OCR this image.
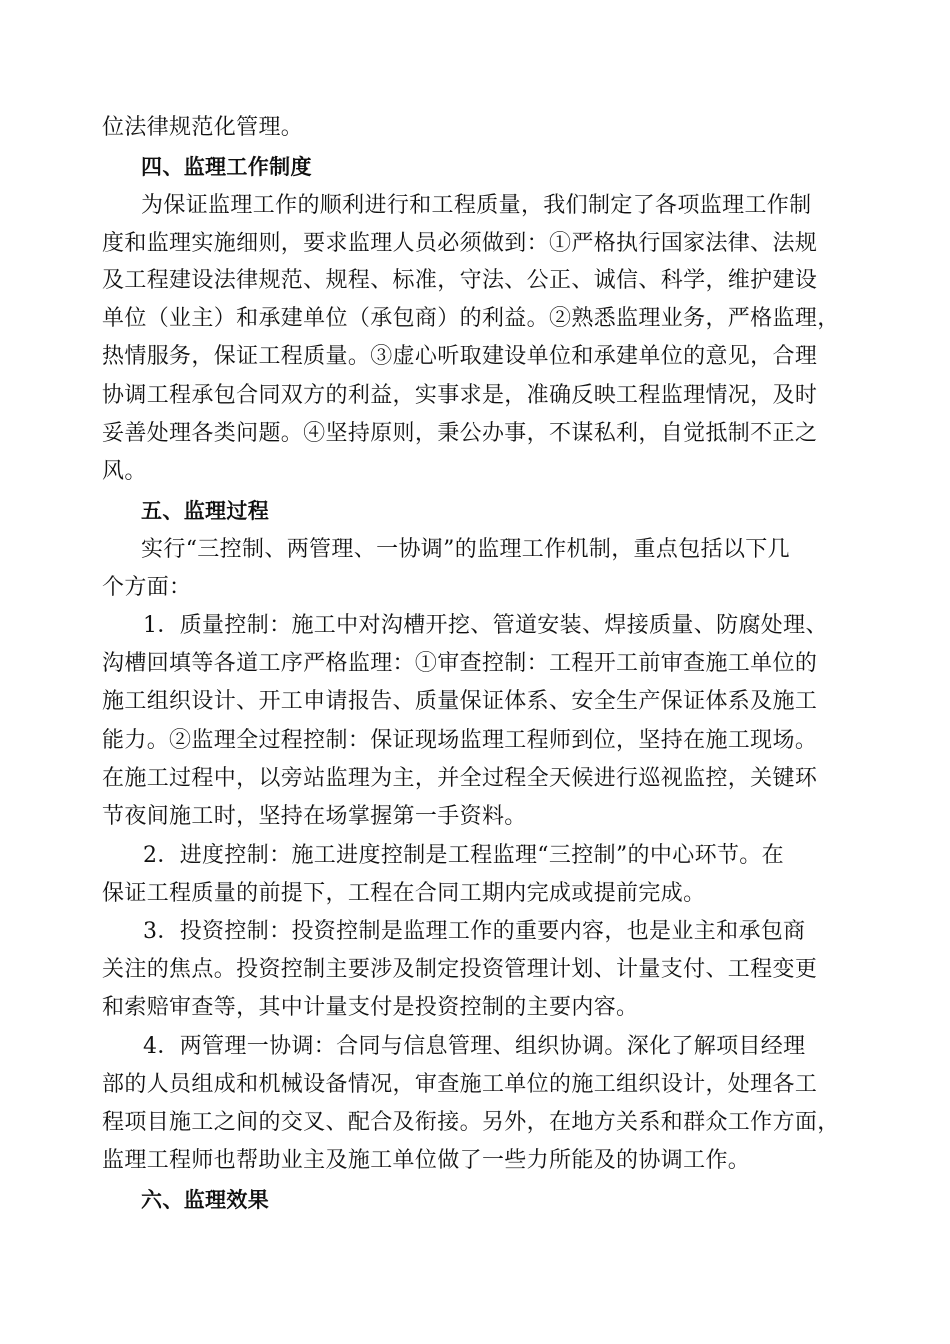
位法律规范化管理。
四、监理工作制度
为保证监理工作的顺利进行和工程质量，我们制定了各项监理工作制
度和监理实施细则，要求监理人员必须做到：①严格执行国家法律、法规
及工程建设法律规范、规程、标准，守法、公正、诚信、科学，维护建设
单位（业主）和承建单位（承包商）的利益。②熟悉监理业务，严格监理，
热情服务，保证工程质量。③虚心听取建设单位和承建单位的意见，合理
协调工程承包合同双方的利益，实事求是，准确反映工程监理情况，及时
妥善处理各类问题。④坚持原则，秉公办事，不谋私利，自觉抵制不正之
风。
五、监理过程
实行“三控制、两管理、一协调”的监理工作机制，重点包括以下几
个方面：
1．质量控制：施工中对沟槽开挖、管道安装、焊接质量、防腐处理、
沟槽回填等各道工序严格监理：①审查控制：工程开工前审查施工单位的
施工组织设计、开工申请报告、质量保证体系、安全生产保证体系及施工
能力。②监理全过程控制：保证现场监理工程师到位，坚持在施工现场。
在施工过程中，以旁站监理为主，并全过程全天候进行巡视监控，关键环
节夜间施工时，坚持在场掌握第一手资料。
2．进度控制：施工进度控制是工程监理“三控制”的中心环节。在
保证工程质量的前提下，工程在合同工期内完成或提前完成。
3．投资控制：投资控制是监理工作的重要内容，也是业主和承包商
关注的焦点。投资控制主要涉及制定投资管理计划、计量支付、工程变更
和索赔审查等，其中计量支付是投资控制的主要内容。
4．两管理一协调：合同与信息管理、组织协调。深化了解项目经理
部的人员组成和机械设备情况，审查施工单位的施工组织设计，处理各工
程项目施工之间的交叉、配合及衔接。另外，在地方关系和群众工作方面，
监理工程师也帮助业主及施工单位做了一些力所能及的协调工作。
六、监理效果
